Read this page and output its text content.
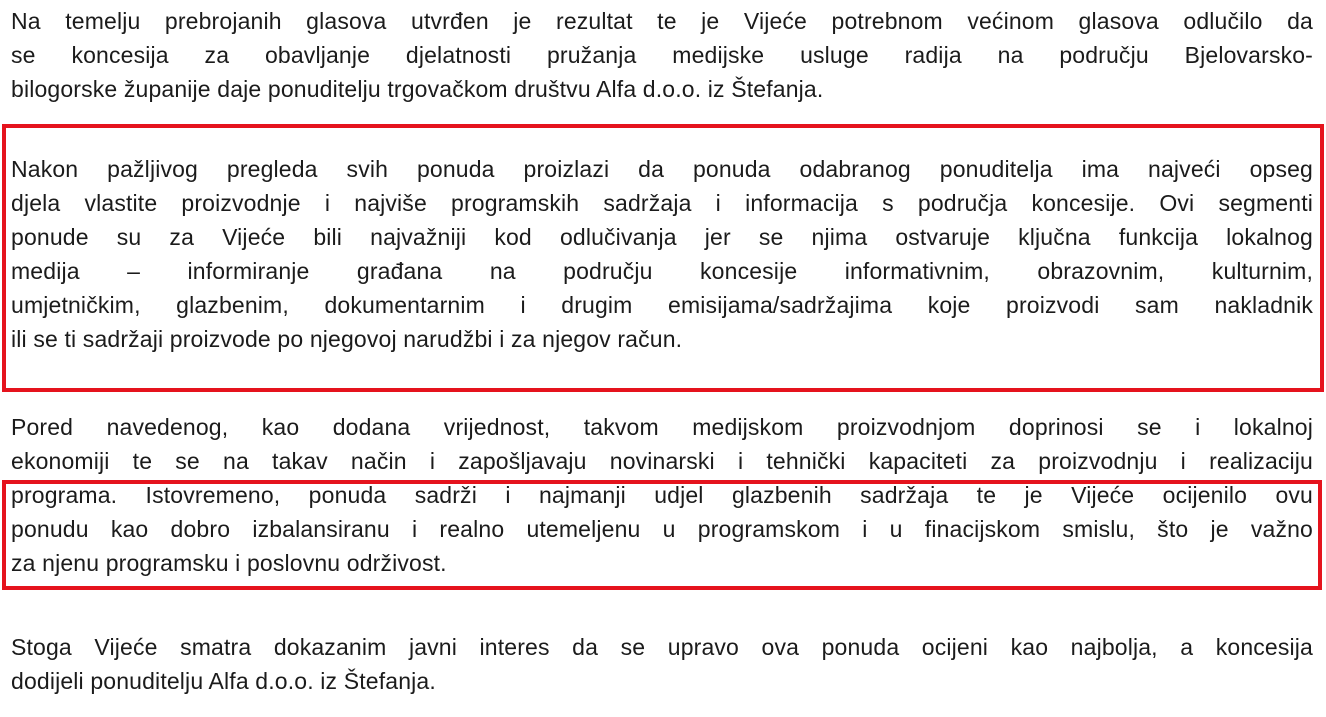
Na temelju prebrojanih glasova utvrđen je rezultat te je Vijeće potrebnom većinom glasova odlučilo da
se koncesija za obavljanje djelatnosti pružanja medijske usluge radija na području Bjelovarsko-
bilogorske županije daje ponuditelju trgovačkom društvu Alfa d.o.o. iz Štefanja.
Nakon pažljivog pregleda svih ponuda proizlazi da ponuda odabranog ponuditelja ima najveći opseg
djela vlastite proizvodnje i najviše programskih sadržaja i informacija s područja koncesije. Ovi segmenti
ponude su za Vijeće bili najvažniji kod odlučivanja jer se njima ostvaruje ključna funkcija lokalnog
medija – informiranje građana na području koncesije informativnim, obrazovnim, kulturnim,
umjetničkim, glazbenim, dokumentarnim i drugim emisijama/sadržajima koje proizvodi sam nakladnik
ili se ti sadržaji proizvode po njegovoj narudžbi i za njegov račun.
Pored navedenog, kao dodana vrijednost, takvom medijskom proizvodnjom doprinosi se i lokalnoj
ekonomiji te se na takav način i zapošljavaju novinarski i tehnički kapaciteti za proizvodnju i realizaciju
programa. Istovremeno, ponuda sadrži i najmanji udjel glazbenih sadržaja te je Vijeće ocijenilo ovu
ponudu kao dobro izbalansiranu i realno utemeljenu u programskom i u finacijskom smislu, što je važno
za njenu programsku i poslovnu održivost.
Stoga Vijeće smatra dokazanim javni interes da se upravo ova ponuda ocijeni kao najbolja, a koncesija
dodijeli ponuditelju Alfa d.o.o. iz Štefanja.
